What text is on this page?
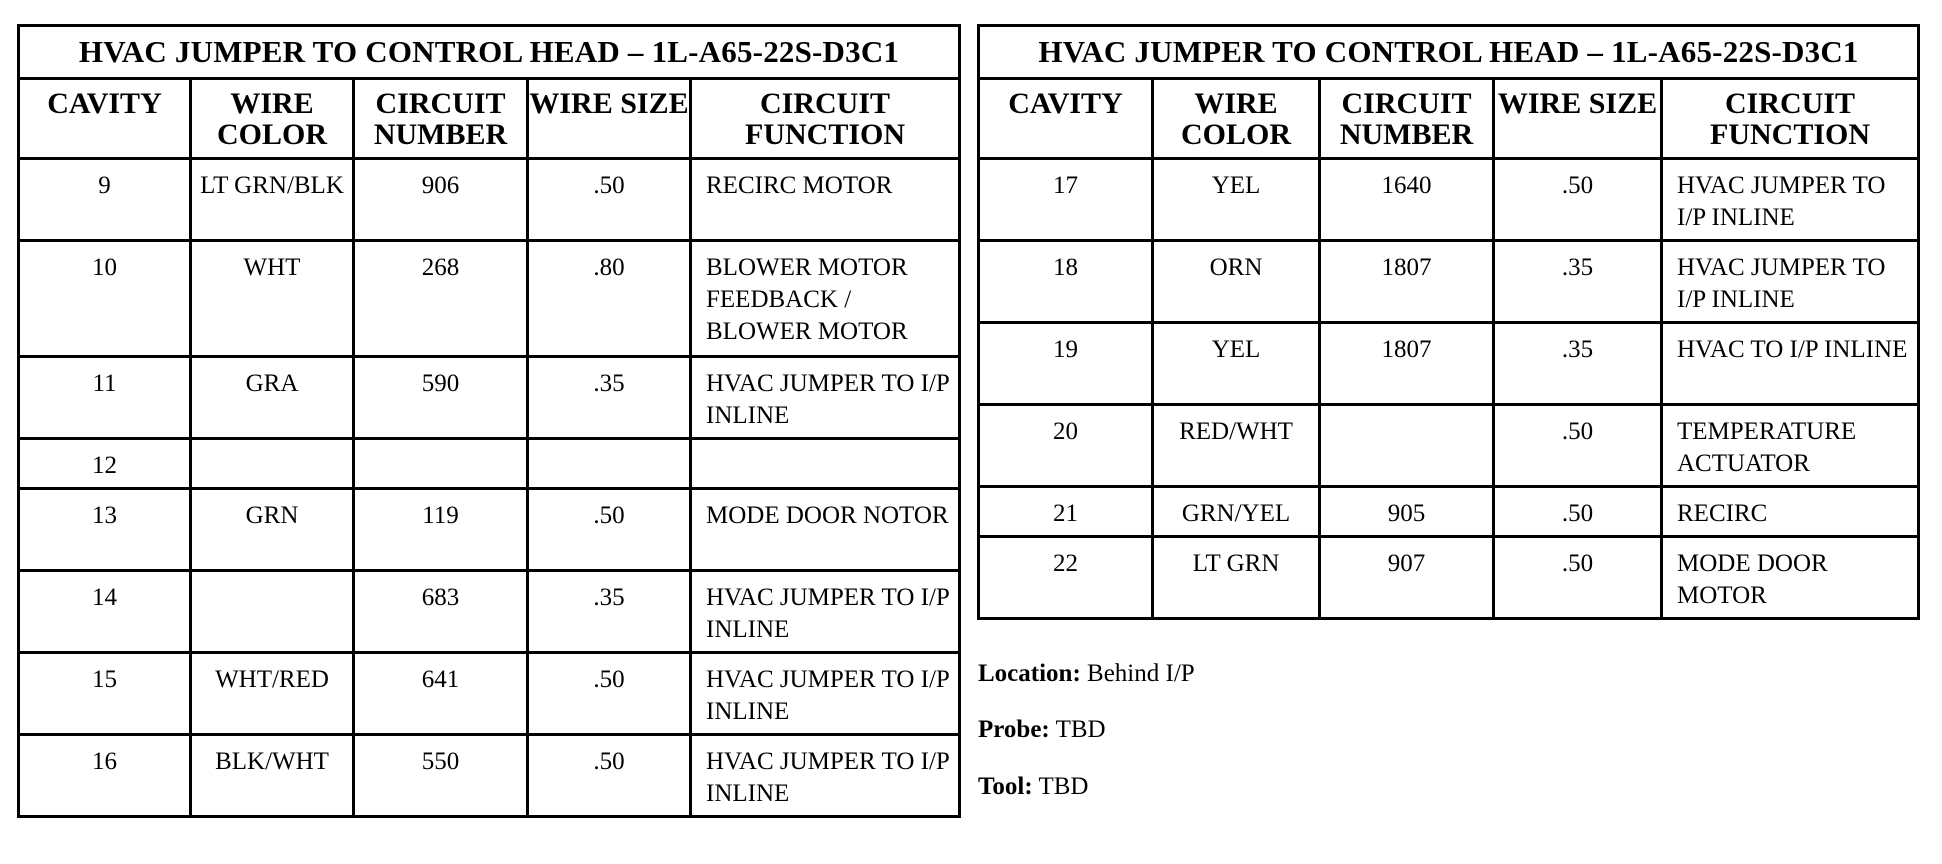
HVAC JUMPER TO CONTROL HEAD – 1L-A65-22S-D3C1				
CAVITY	WIRE COLOR	CIRCUIT NUMBER	WIRE SIZE	CIRCUIT FUNCTION
9	LT GRN/BLK	906	.50	RECIRC MOTOR
10	WHT	268	.80	BLOWER MOTOR FEEDBACK / BLOWER MOTOR
11	GRA	590	.35	HVAC JUMPER TO I/P INLINE
12				
13	GRN	119	.50	MODE DOOR NOTOR
14		683	.35	HVAC JUMPER TO I/P INLINE
15	WHT/RED	641	.50	HVAC JUMPER TO I/P INLINE
16	BLK/WHT	550	.50	HVAC JUMPER TO I/P INLINE
HVAC JUMPER TO CONTROL HEAD – 1L-A65-22S-D3C1				
CAVITY	WIRE COLOR	CIRCUIT NUMBER	WIRE SIZE	CIRCUIT FUNCTION
17	YEL	1640	.50	HVAC JUMPER TO I/P INLINE
18	ORN	1807	.35	HVAC JUMPER TO I/P INLINE
19	YEL	1807	.35	HVAC TO I/P INLINE
20	RED/WHT		.50	TEMPERATURE ACTUATOR
21	GRN/YEL	905	.50	RECIRC
22	LT GRN	907	.50	MODE DOOR MOTOR
Location: Behind I/P
Probe: TBD
Tool: TBD
